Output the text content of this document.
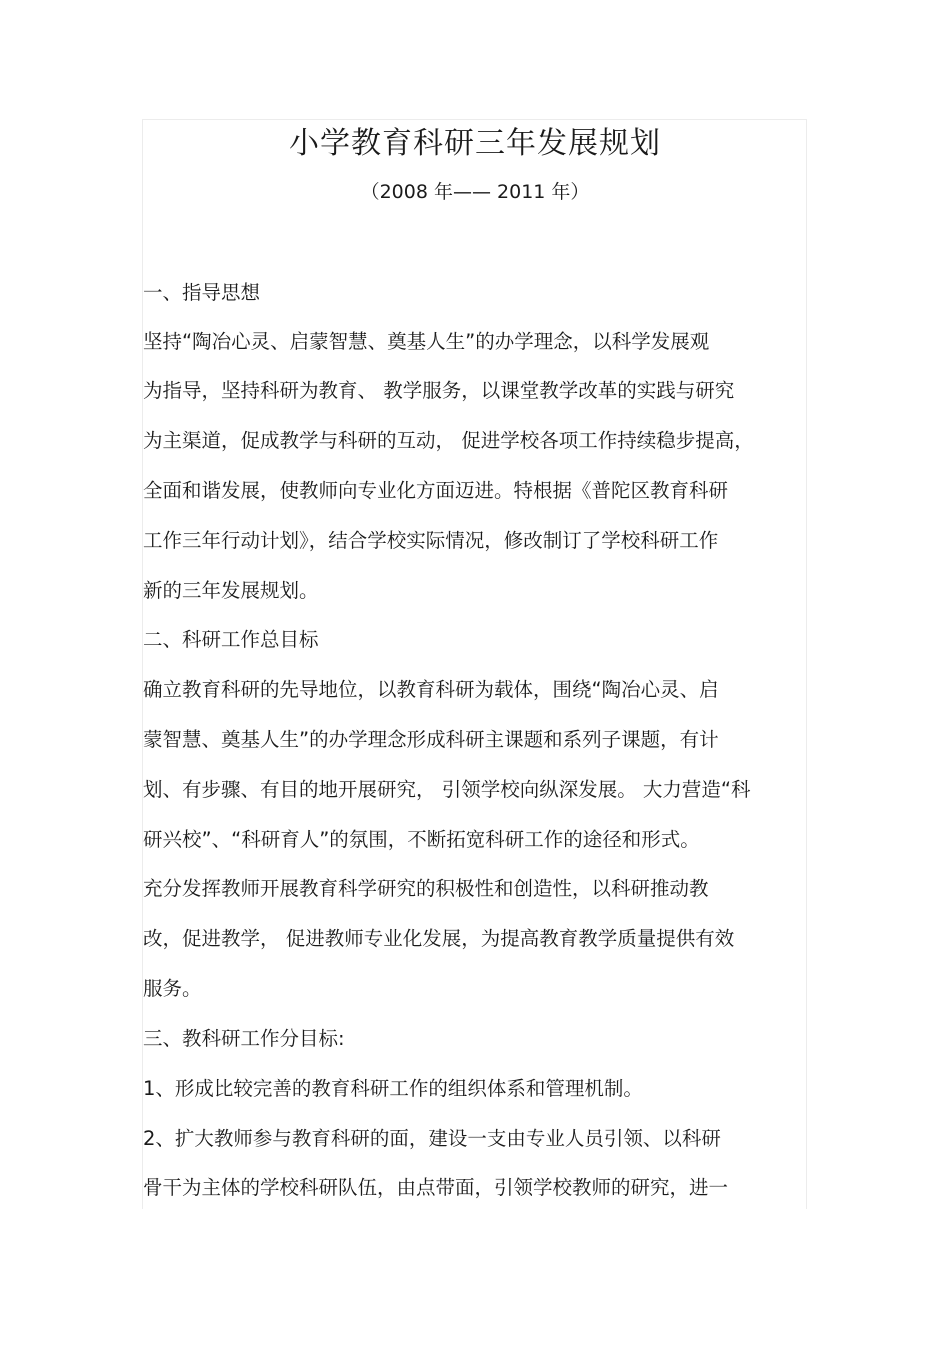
小学教育科研三年发展规划
（2008 年—— 2011 年）

一、指导思想

坚持“陶冶心灵、启蒙智慧、奠基人生”的办学理念，以科学发展观

为指导，坚持科研为教育、 教学服务，以课堂教学改革的实践与研究

为主渠道，促成教学与科研的互动， 促进学校各项工作持续稳步提高，

全面和谐发展，使教师向专业化方面迈进。特根据《普陀区教育科研

工作三年行动计划》，结合学校实际情况，修改制订了学校科研工作

新的三年发展规划。

二、科研工作总目标

确立教育科研的先导地位，以教育科研为载体，围绕“陶冶心灵、启

蒙智慧、奠基人生”的办学理念形成科研主课题和系列子课题，有计

划、有步骤、有目的地开展研究， 引领学校向纵深发展。 大力营造“科

研兴校”、“科研育人”的氛围，不断拓宽科研工作的途径和形式。

充分发挥教师开展教育科学研究的积极性和创造性，以科研推动教

改，促进教学， 促进教师专业化发展，为提高教育教学质量提供有效

服务。

三、教科研工作分目标:

1、形成比较完善的教育科研工作的组织体系和管理机制。

2、扩大教师参与教育科研的面，建设一支由专业人员引领、以科研

骨干为主体的学校科研队伍，由点带面，引领学校教师的研究，进一
